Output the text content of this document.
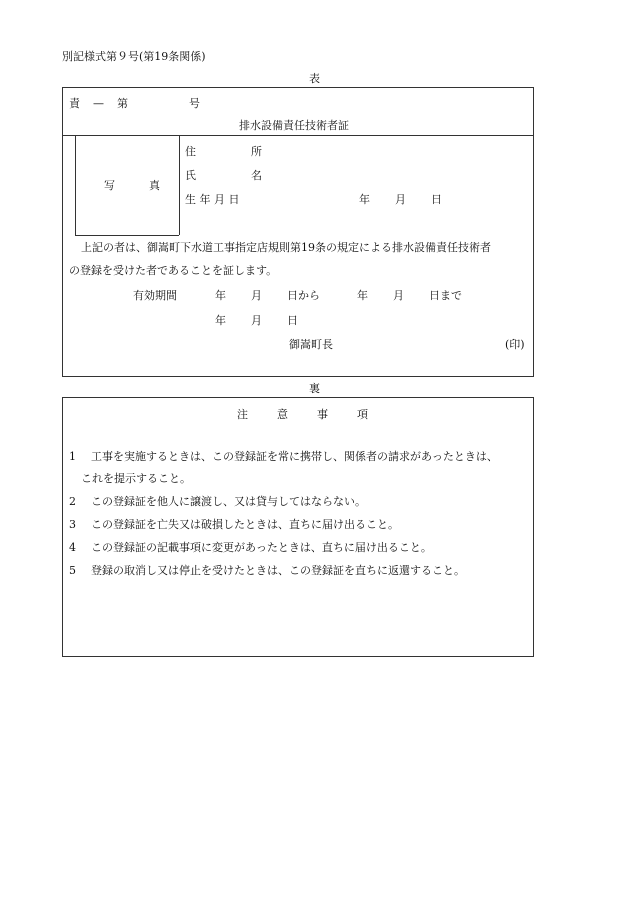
別記様式第９号(第19条関係)
表
責 — 第	号
排水設備責任技術者証
写	真
住	所
氏	名
生 年 月 日	年 月 日
上記の者は、御嵩町下水道工事指定店規則第19条の規定による排水設備責任技術者
の登録を受けた者であることを証します。
有効期間	年 月 日から	年 月 日まで
年 月 日
御嵩町長	(印)
裏
注	意	事	項
1 工事を実施するときは、この登録証を常に携帯し、関係者の請求があったときは、
これを提示すること。
2 この登録証を他人に譲渡し、又は貸与してはならない。
3 この登録証を亡失又は破損したときは、直ちに届け出ること。
4 この登録証の記載事項に変更があったときは、直ちに届け出ること。
5 登録の取消し又は停止を受けたときは、この登録証を直ちに返還すること。
